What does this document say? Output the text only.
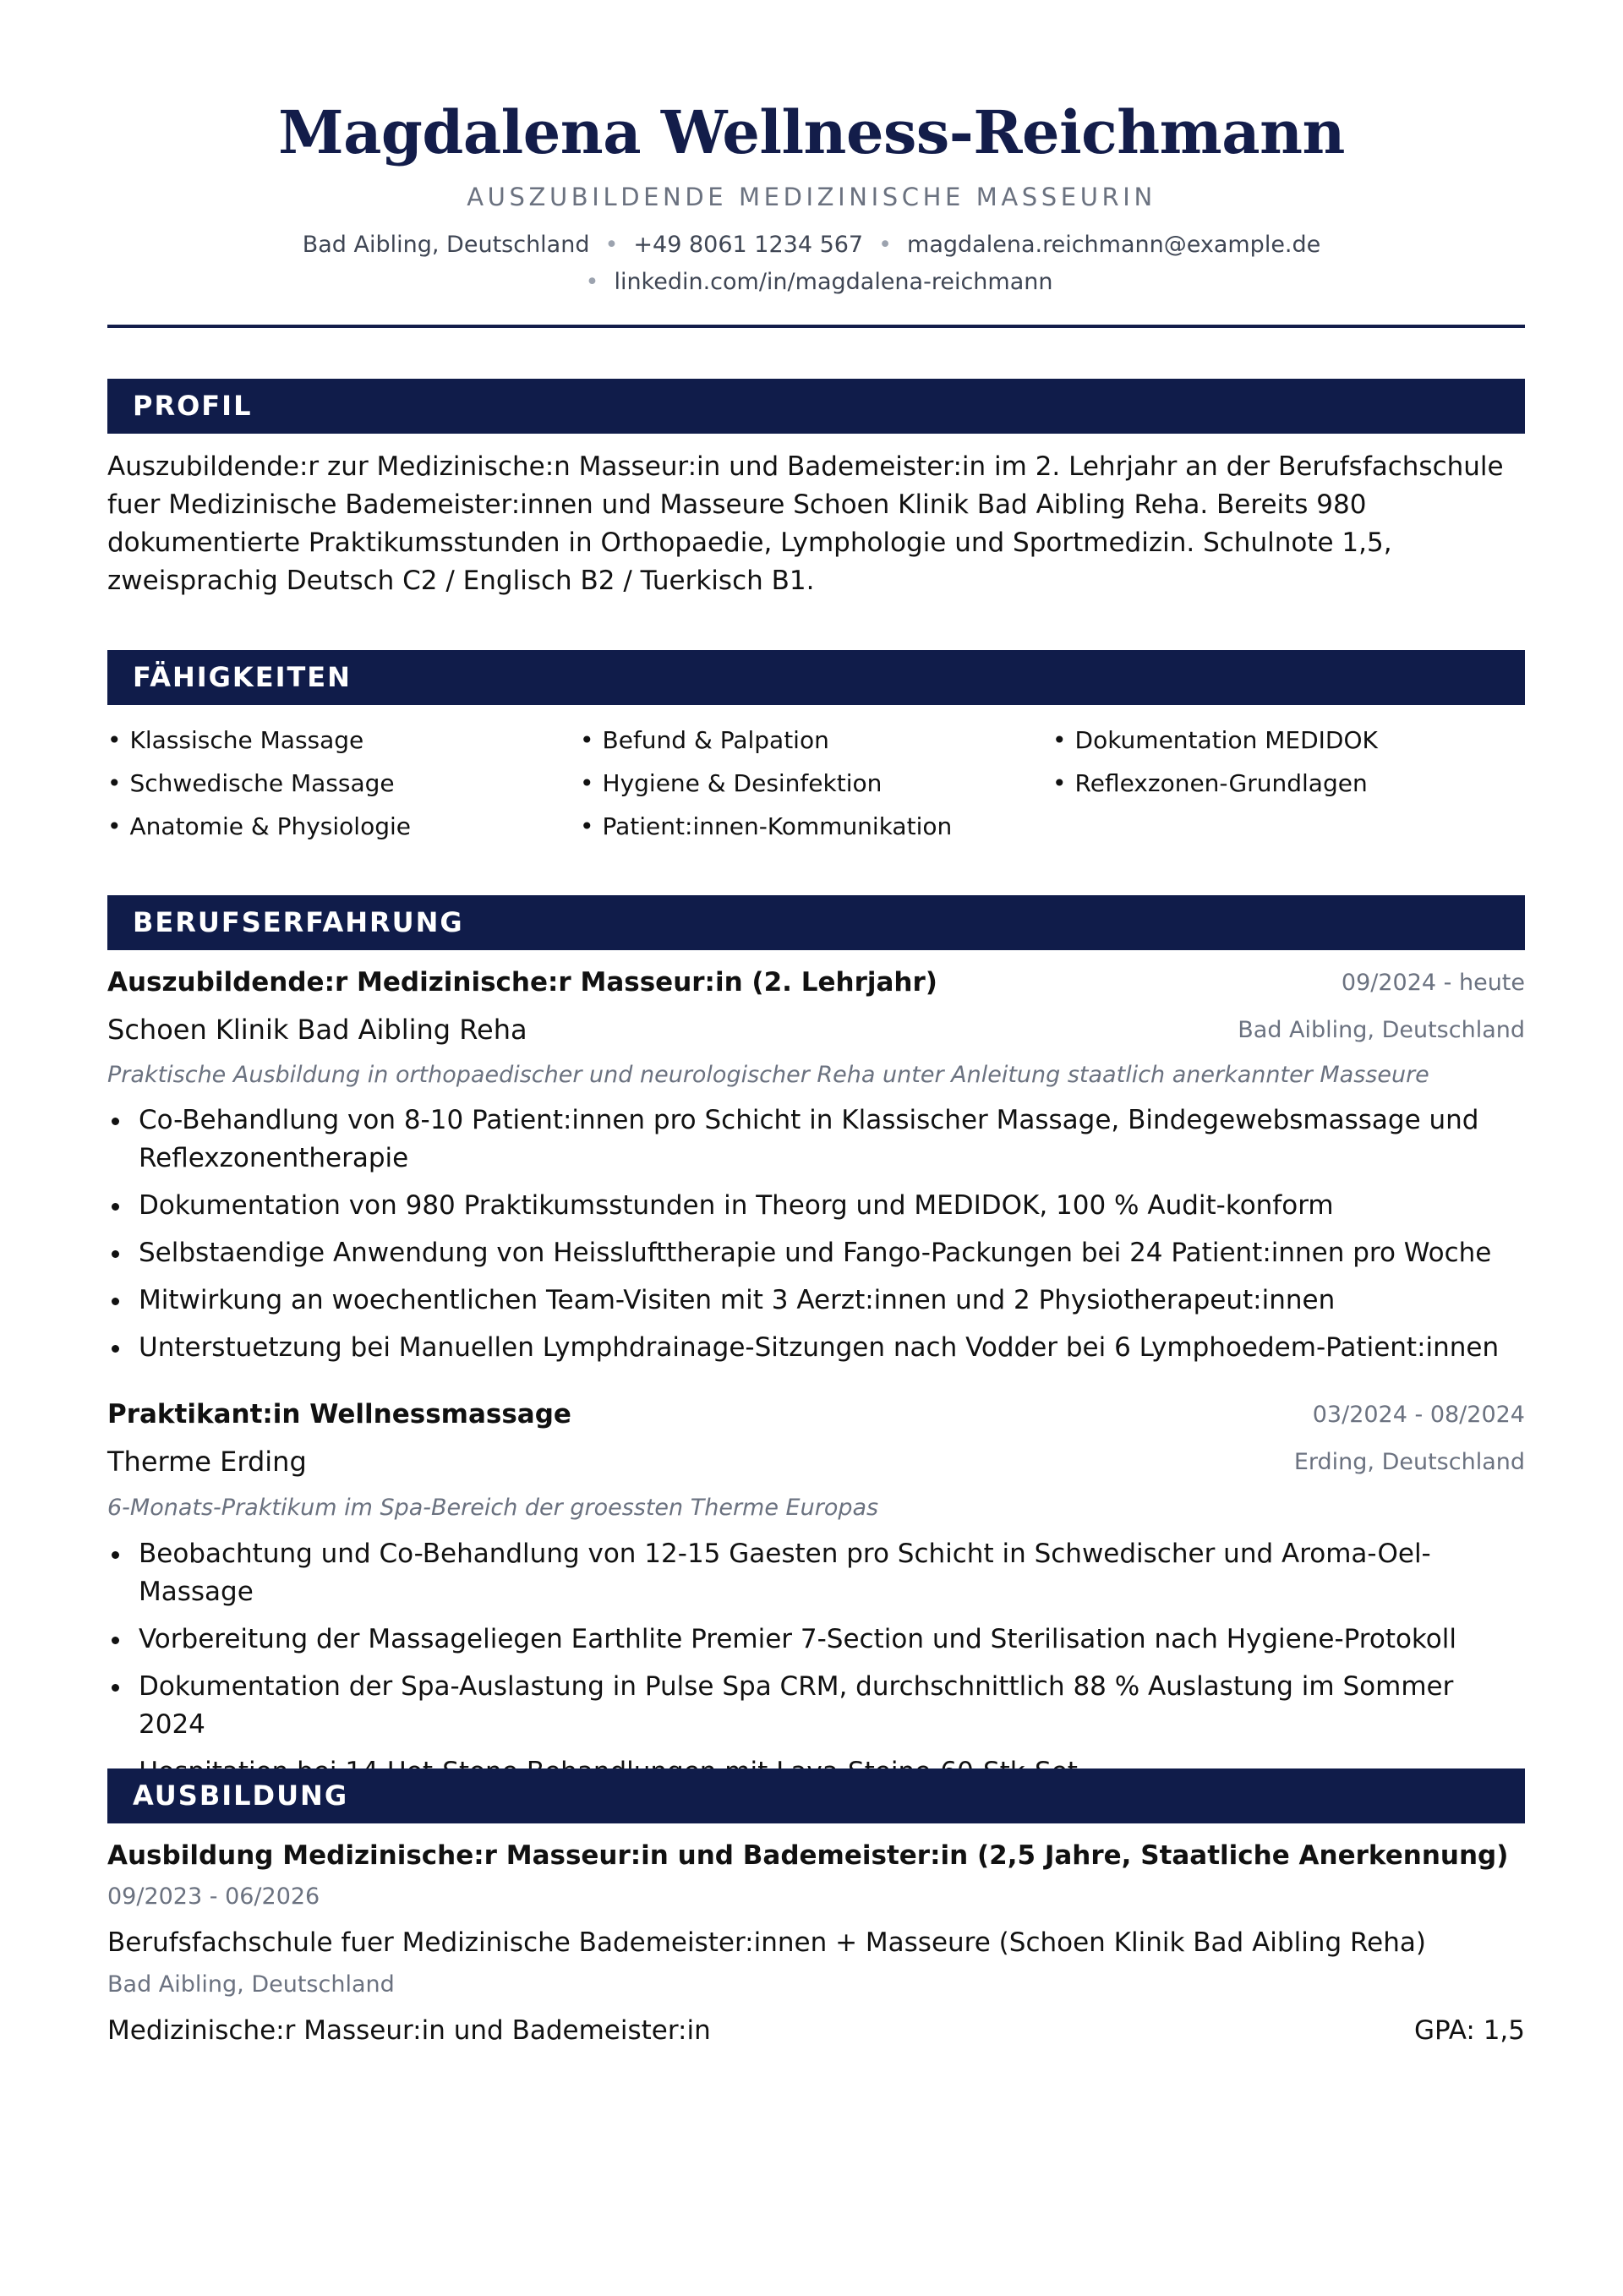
Magdalena Wellness-Reichmann
AUSZUBILDENDE MEDIZINISCHE MASSEURIN
Bad Aibling, Deutschland • +49 8061 1234 567 • magdalena.reichmann@example.de
• linkedin.com/in/magdalena-reichmann
PROFIL
Auszubildende:r zur Medizinische:n Masseur:in und Bademeister:in im 2. Lehrjahr an der Berufsfachschule fuer Medizinische Bademeister:innen und Masseure Schoen Klinik Bad Aibling Reha. Bereits 980 dokumentierte Praktikumsstunden in Orthopaedie, Lymphologie und Sportmedizin. Schulnote 1,5, zweisprachig Deutsch C2 / Englisch B2 / Tuerkisch B1.
FÄHIGKEITEN
• Klassische Massage
• Schwedische Massage
• Anatomie & Physiologie
• Befund & Palpation
• Hygiene & Desinfektion
• Patient:innen-Kommunikation
• Dokumentation MEDIDOK
• Reflexzonen-Grundlagen
BERUFSERFAHRUNG
Auszubildende:r Medizinische:r Masseur:in (2. Lehrjahr)	09/2024 - heute
Schoen Klinik Bad Aibling Reha	Bad Aibling, Deutschland
Praktische Ausbildung in orthopaedischer und neurologischer Reha unter Anleitung staatlich anerkannter Masseure
Co-Behandlung von 8-10 Patient:innen pro Schicht in Klassischer Massage, Bindegewebsmassage und Reflexzonentherapie
Dokumentation von 980 Praktikumsstunden in Theorg und MEDIDOK, 100 % Audit-konform
Selbstaendige Anwendung von Heisslufttherapie und Fango-Packungen bei 24 Patient:innen pro Woche
Mitwirkung an woechentlichen Team-Visiten mit 3 Aerzt:innen und 2 Physiotherapeut:innen
Unterstuetzung bei Manuellen Lymphdrainage-Sitzungen nach Vodder bei 6 Lymphoedem-Patient:innen
Praktikant:in Wellnessmassage	03/2024 - 08/2024
Therme Erding	Erding, Deutschland
6-Monats-Praktikum im Spa-Bereich der groessten Therme Europas
Beobachtung und Co-Behandlung von 12-15 Gaesten pro Schicht in Schwedischer und Aroma-Oel-Massage
Vorbereitung der Massageliegen Earthlite Premier 7-Section und Sterilisation nach Hygiene-Protokoll
Dokumentation der Spa-Auslastung in Pulse Spa CRM, durchschnittlich 88 % Auslastung im Sommer 2024
AUSBILDUNG
Ausbildung Medizinische:r Masseur:in und Bademeister:in (2,5 Jahre, Staatliche Anerkennung)
09/2023 - 06/2026
Berufsfachschule fuer Medizinische Bademeister:innen + Masseure (Schoen Klinik Bad Aibling Reha)
Bad Aibling, Deutschland
Medizinische:r Masseur:in und Bademeister:in	GPA: 1,5
